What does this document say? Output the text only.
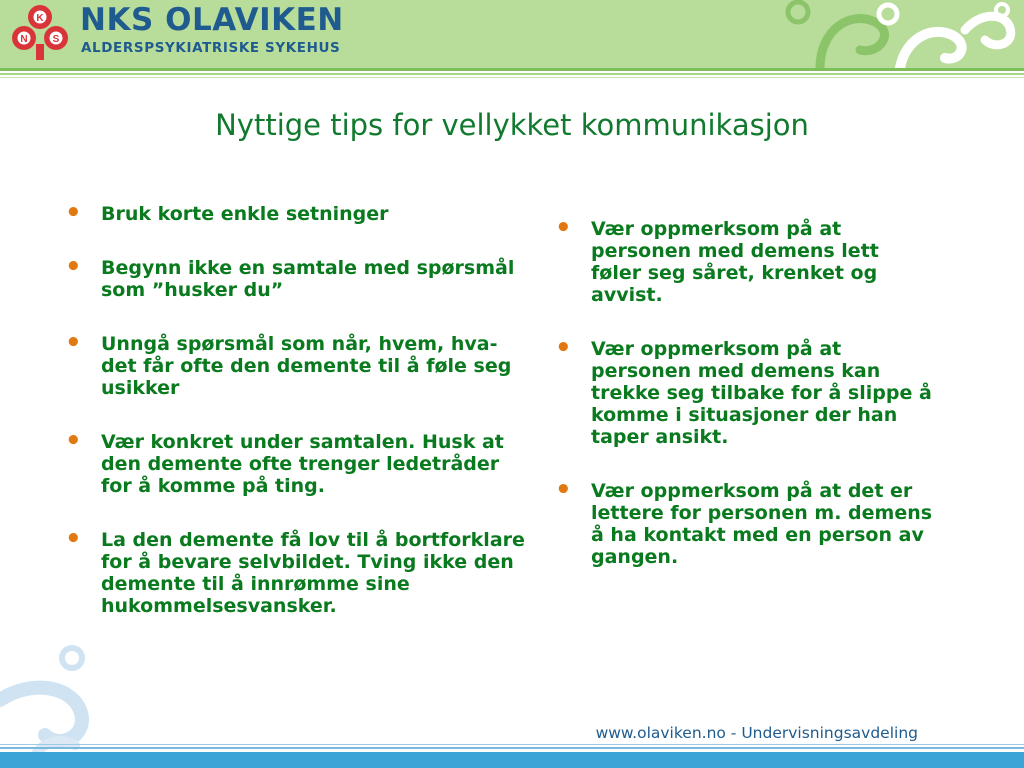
K
N	S
NKS OLAVIKEN
ALDERSPSYKIATRISKE SYKEHUS
Nyttige tips for vellykket kommunikasjon
• Bruk korte enkle setninger
• Begynn ikke en samtale med spørsmål som ”husker du”
• Unngå spørsmål som når, hvem, hva- det får ofte den demente til å føle seg usikker
• Vær konkret under samtalen. Husk at den demente ofte trenger ledetråder for å komme på ting.
• La den demente få lov til å bortforklare for å bevare selvbildet. Tving ikke den demente til å innrømme sine hukommelsesvansker.
• Vær oppmerksom på at personen med demens lett føler seg såret, krenket og avvist.
• Vær oppmerksom på at personen med demens kan trekke seg tilbake for å slippe å komme i situasjoner der han taper ansikt.
• Vær oppmerksom på at det er lettere for personen m. demens å ha kontakt med en person av gangen.
www.olaviken.no - Undervisningsavdeling
